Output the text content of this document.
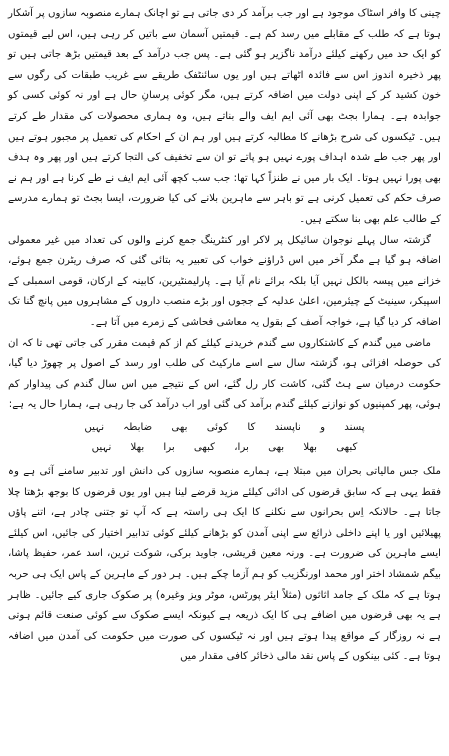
چینی کا وافر اسٹاک موجود ہے اور جب برآمد کر دی جاتی ہے تو اچانک ہمارے منصوبہ سازوں پر آشکار ہوتا ہے کہ طلب کے مقابلے میں رسد کم ہے۔ قیمتیں آسمان سے باتیں کر رہی ہیں، اس لیے قیمتوں کو ایک حد میں رکھنے کیلئے درآمد ناگزیر ہو گئی ہے۔ پس جب درآمد کے بعد قیمتیں بڑھ جاتی ہیں تو پھر ذخیرہ اندوز اس سے فائدہ اٹھاتے ہیں اور یوں سائنٹفک طریقے سے غریب طبقات کی رگوں سے خون کشید کر کے اپنی دولت میں اضافہ کرتے ہیں، مگر کوئی پرسانِ حال ہے اور نہ کوئی کسی کو جوابدہ ہے۔ ہمارا بجٹ بھی آئی ایم ایف والے بناتے ہیں، وہ ہماری محصولات کی مقدار طے کرتے ہیں۔ ٹیکسوں کی شرح بڑھانے کا مطالبہ کرتے ہیں اور ہم ان کے احکام کی تعمیل پر مجبور ہوتے ہیں اور پھر جب طے شدہ اہداف پورے نہیں ہو پاتے تو ان سے تخفیف کی التجا کرتے ہیں اور پھر وہ ہدف بھی پورا نہیں ہوتا۔ ایک بار میں نے طنزاً کہا تھا: جب سب کچھ آئی ایم ایف نے طے کرنا ہے اور ہم نے صرف حکم کی تعمیل کرنی ہے تو باہر سے ماہرین بلانے کی کیا ضرورت، ایسا بجٹ تو ہمارے مدرسے کے طالب علم بھی بنا سکتے ہیں۔

گزشتہ سال پہلے نوجوان سائیکل پر لاکر اور کنٹرینگ جمع کرنے والوں کی تعداد میں غیر معمولی اضافہ ہو گیا ہے مگر آخر میں اس ڈراؤنے خواب کی تعبیر یہ بتائی گئی کہ صرف ریٹرن جمع ہوئے، خزانے میں پیسہ بالکل نہیں آیا بلکہ برائے نام آیا ہے۔ پارلیمنٹیرین، کابینہ کے ارکان، قومی اسمبلی کے اسپیکر، سینیٹ کے چیئرمین، اعلیٰ عدلیہ کے ججوں اور بڑے منصب داروں کے مشاہروں میں پانچ گنا تک اضافہ کر دیا گیا ہے، خواجہ آصف کے بقول یہ معاشی فحاشی کے زمرے میں آتا ہے۔

ماضی میں گندم کے کاشتکاروں سے گندم خریدنے کیلئے کم از کم قیمت مقرر کی جاتی تھی تا کہ ان کی حوصلہ افزائی ہو، گزشتہ سال سے اسے مارکیٹ کی طلب اور رسد کے اصول پر چھوڑ دیا گیا، حکومت درمیان سے ہٹ گئی، کاشت کار رل گئے، اس کے نتیجے میں اس سال گندم کی پیداوار کم ہوئی، پھر کمپنیوں کو نوازنے کیلئے گندم برآمد کی گئی اور اب درآمد کی جا رہی ہے، ہمارا حال یہ ہے:

پسند و ناپسند کا کوئی بھی ضابطہ نہیں

کبھی بھلا بھی برا، کبھی برا بھلا نہیں

ملک جس مالیاتی بحران میں مبتلا ہے، ہمارے منصوبہ سازوں کی دانش اور تدبیر سامنے آئی ہے وہ فقط یہی ہے کہ سابق قرضوں کی ادائی کیلئے مزید قرضے لینا ہیں اور یوں قرضوں کا بوجھ بڑھتا چلا جاتا ہے۔ حالانکہ اِس بحرانوں سے نکلنے کا ایک ہی راستہ ہے کہ آپ تو جتنی چادر ہے، اتنے پاؤں پھیلائیں اور یا اپنے داخلی ذرائع سے اپنی آمدن کو بڑھانے کیلئے کوئی تدابیر اختیار کی جائیں، اس کیلئے ایسے ماہرین کی ضرورت ہے۔ ورنہ معین قریشی، جاوید برکی، شوکت ترین، اسد عمر، حفیظ پاشا، بیگم شمشاد اختر اور محمد اورنگزیب کو ہم آزما چکے ہیں۔ ہر دور کے ماہرین کے پاس ایک ہی حربہ ہوتا ہے کہ ملک کے جامد اثاثوں (مثلاً ایئر پورٹس، موٹر ویز وغیرہ) پر صکوک جاری کیے جائیں۔ ظاہر ہے یہ بھی قرضوں میں اضافے ہی کا ایک ذریعہ ہے کیونکہ ایسے صکوک سے کوئی صنعت قائم ہوتی ہے نہ روزگار کے مواقع پیدا ہوتے ہیں اور نہ ٹیکسوں کی صورت میں حکومت کی آمدن میں اضافہ ہوتا ہے۔ کئی بینکوں کے پاس نقد مالی ذخائر کافی مقدار میں
